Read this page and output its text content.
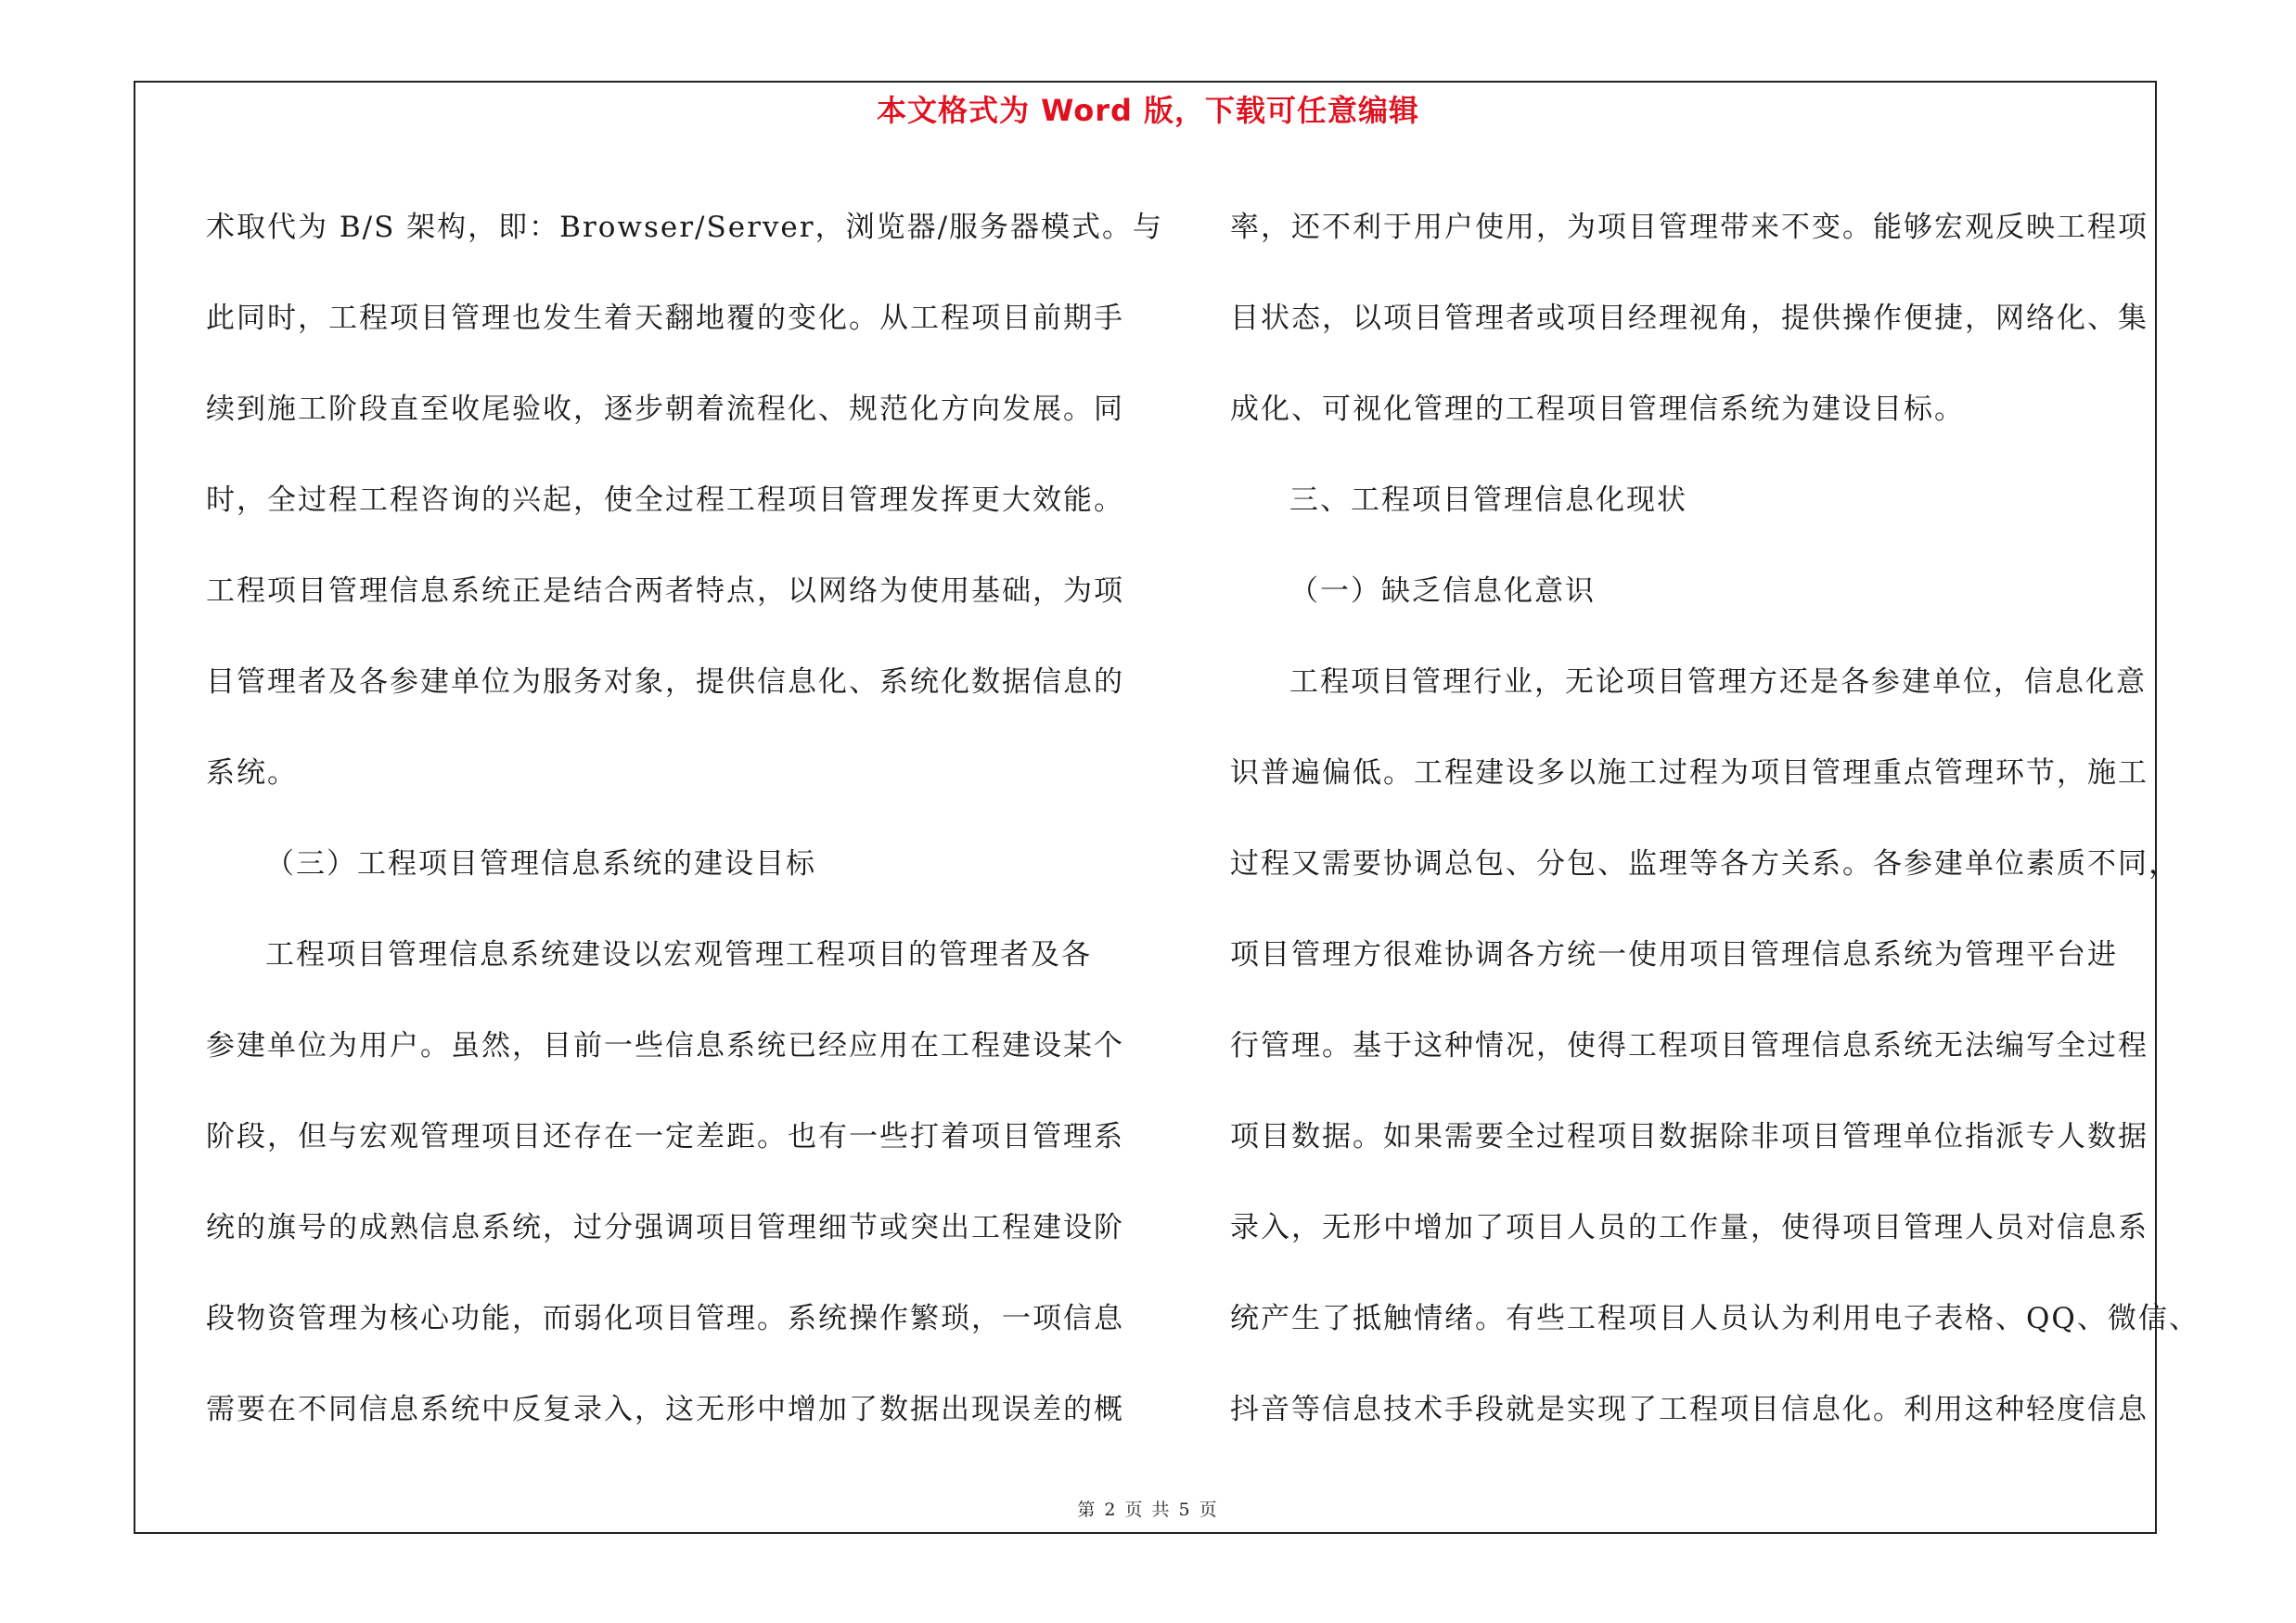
本文格式为 Word 版，下载可任意编辑
术取代为 B/S 架构，即：Browser/Server，浏览器/服务器模式。与
此同时，工程项目管理也发生着天翻地覆的变化。从工程项目前期手
续到施工阶段直至收尾验收，逐步朝着流程化、规范化方向发展。同
时，全过程工程咨询的兴起，使全过程工程项目管理发挥更大效能。
工程项目管理信息系统正是结合两者特点，以网络为使用基础，为项
目管理者及各参建单位为服务对象，提供信息化、系统化数据信息的
系统。
（三）工程项目管理信息系统的建设目标
工程项目管理信息系统建设以宏观管理工程项目的管理者及各
参建单位为用户。虽然，目前一些信息系统已经应用在工程建设某个
阶段，但与宏观管理项目还存在一定差距。也有一些打着项目管理系
统的旗号的成熟信息系统，过分强调项目管理细节或突出工程建设阶
段物资管理为核心功能，而弱化项目管理。系统操作繁琐，一项信息
需要在不同信息系统中反复录入，这无形中增加了数据出现误差的概
率，还不利于用户使用，为项目管理带来不变。能够宏观反映工程项
目状态，以项目管理者或项目经理视角，提供操作便捷，网络化、集
成化、可视化管理的工程项目管理信系统为建设目标。
三、工程项目管理信息化现状
（一）缺乏信息化意识
工程项目管理行业，无论项目管理方还是各参建单位，信息化意
识普遍偏低。工程建设多以施工过程为项目管理重点管理环节，施工
过程又需要协调总包、分包、监理等各方关系。各参建单位素质不同，
项目管理方很难协调各方统一使用项目管理信息系统为管理平台进
行管理。基于这种情况，使得工程项目管理信息系统无法编写全过程
项目数据。如果需要全过程项目数据除非项目管理单位指派专人数据
录入，无形中增加了项目人员的工作量，使得项目管理人员对信息系
统产生了抵触情绪。有些工程项目人员认为利用电子表格、QQ、微信、
抖音等信息技术手段就是实现了工程项目信息化。利用这种轻度信息
第 2 页 共 5 页
